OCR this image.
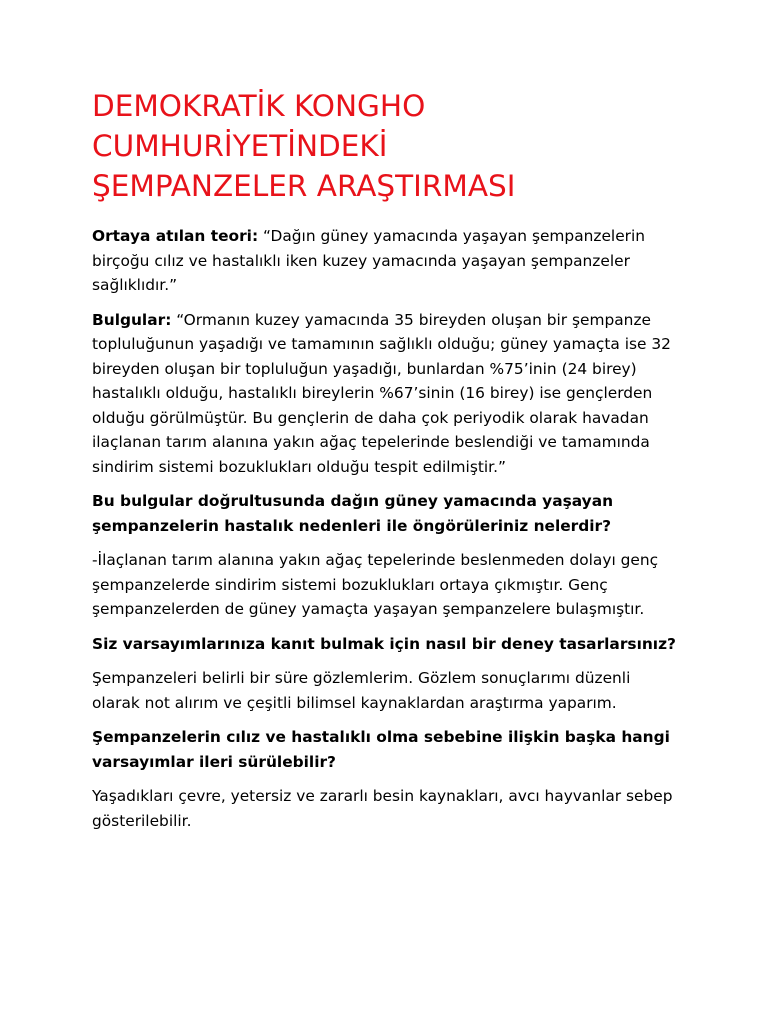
DEMOKRATİK KONGHO
CUMHURİYETİNDEKİ
ŞEMPANZELER ARAŞTIRMASI

Ortaya atılan teori: “Dağın güney yamacında yaşayan şempanzelerin birçoğu cılız ve hastalıklı iken kuzey yamacında yaşayan şempanzeler sağlıklıdır.”

Bulgular: “Ormanın kuzey yamacında 35 bireyden oluşan bir şempanze topluluğunun yaşadığı ve tamamının sağlıklı olduğu; güney yamaçta ise 32 bireyden oluşan bir topluluğun yaşadığı, bunlardan %75’inin (24 birey) hastalıklı olduğu, hastalıklı bireylerin %67’sinin (16 birey) ise gençlerden olduğu görülmüştür. Bu gençlerin de daha çok periyodik olarak havadan ilaçlanan tarım alanına yakın ağaç tepelerinde beslendiği ve tamamında sindirim sistemi bozuklukları olduğu tespit edilmiştir.”

Bu bulgular doğrultusunda dağın güney yamacında yaşayan şempanzelerin hastalık nedenleri ile öngörüleriniz nelerdir?

-İlaçlanan tarım alanına yakın ağaç tepelerinde beslenmeden dolayı genç şempanzelerde sindirim sistemi bozuklukları ortaya çıkmıştır. Genç şempanzelerden de güney yamaçta yaşayan şempanzelere bulaşmıştır.

Siz varsayımlarınıza kanıt bulmak için nasıl bir deney tasarlarsınız?

Şempanzeleri belirli bir süre gözlemlerim. Gözlem sonuçlarımı düzenli olarak not alırım ve çeşitli bilimsel kaynaklardan araştırma yaparım.

Şempanzelerin cılız ve hastalıklı olma sebebine ilişkin başka hangi varsayımlar ileri sürülebilir?

Yaşadıkları çevre, yetersiz ve zararlı besin kaynakları, avcı hayvanlar sebep gösterilebilir.
